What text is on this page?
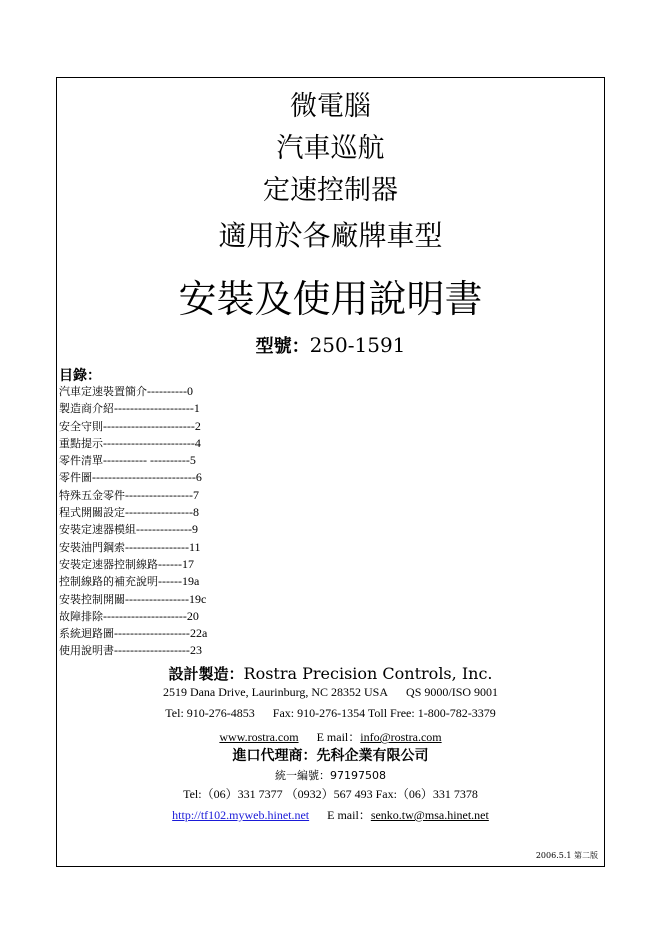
微電腦
汽車巡航
定速控制器
適用於各廠牌車型
安裝及使用說明書
型號：250-1591
目錄：
汽車定速裝置簡介----------0
製造商介紹--------------------1
安全守則-----------------------2
重點提示-----------------------4
零件清單----------- ----------5
零件圖--------------------------6
特殊五金零件-----------------7
程式開關設定-----------------8
安裝定速器模組--------------9
安裝油門鋼索----------------11
安裝定速器控制線路------17
控制線路的補充說明------19a
安裝控制開關----------------19c
故障排除---------------------20
系統迴路圖-------------------22a
使用說明書-------------------23
設計製造：Rostra Precision Controls, Inc.
2519 Dana Drive, Laurinburg, NC 28352 USA QS 9000/ISO 9001
Tel: 910-276-4853 Fax: 910-276-1354 Toll Free: 1-800-782-3379
www.rostra.com E mail：info@rostra.com
進口代理商：先科企業有限公司
統一編號：97197508
Tel:（06）331 7377 （0932）567 493 Fax:（06）331 7378
http://tf102.myweb.hinet.net E mail：senko.tw@msa.hinet.net
2006.5.1 第二版
